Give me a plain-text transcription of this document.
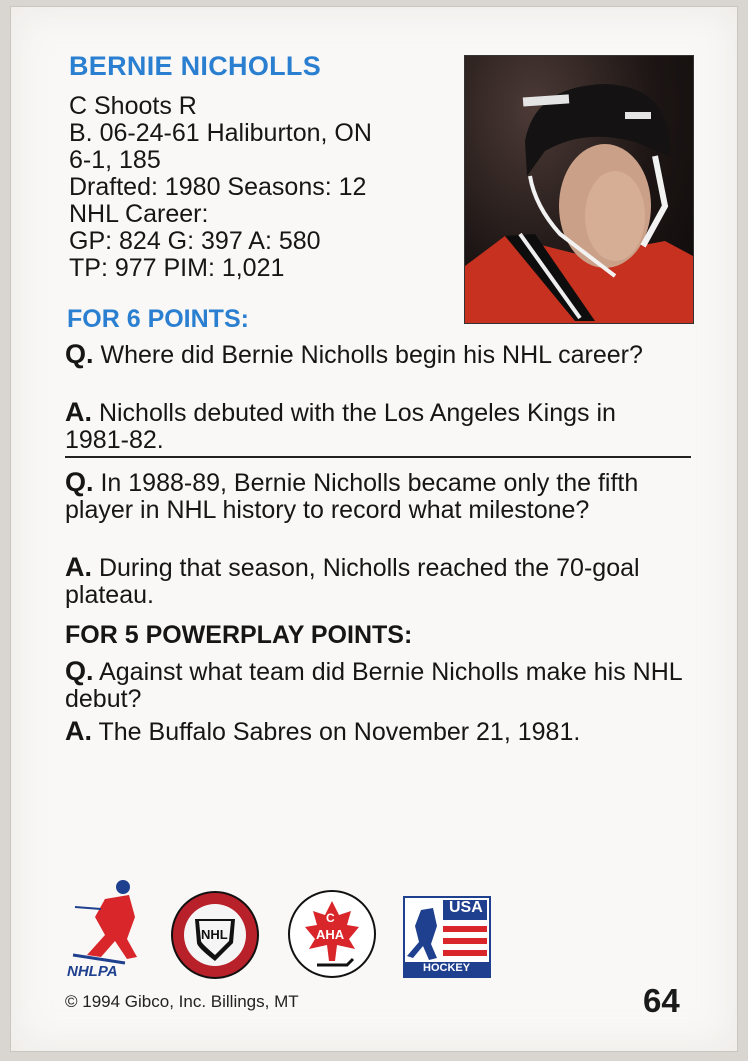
BERNIE NICHOLLS
C Shoots R
B. 06-24-61 Haliburton, ON
6-1, 185
Drafted: 1980 Seasons: 12
NHL Career:
GP: 824 G: 397 A: 580
TP: 977 PIM: 1,021
FOR 6 POINTS:
Q. Where did Bernie Nicholls begin his NHL career?
A. Nicholls debuted with the Los Angeles Kings in 1981-82.
Q. In 1988-89, Bernie Nicholls became only the fifth player in NHL history to record what milestone?
A. During that season, Nicholls reached the 70-goal plateau.
FOR 5 POWERPLAY POINTS:
Q. Against what team did Bernie Nicholls make his NHL debut?
A. The Buffalo Sabres on November 21, 1981.
NHLPA
NHL
C
AHA
USA
HOCKEY
© 1994 Gibco, Inc. Billings, MT	64
